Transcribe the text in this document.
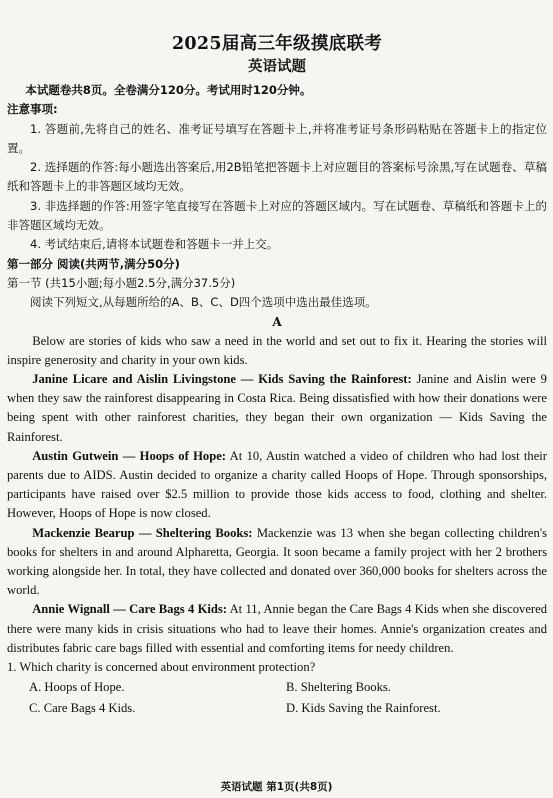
2025届高三年级摸底联考
英语试题

本试题卷共8页。全卷满分120分。考试用时120分钟。

注意事项:

1. 答题前,先将自己的姓名、准考证号填写在答题卡上,并将准考证号条形码粘贴在答题卡上的指定位置。

2. 选择题的作答:每小题选出答案后,用2B铅笔把答题卡上对应题目的答案标号涂黑,写在试题卷、草稿纸和答题卡上的非答题区域均无效。

3. 非选择题的作答:用签字笔直接写在答题卡上对应的答题区域内。写在试题卷、草稿纸和答题卡上的非答题区域均无效。

4. 考试结束后,请将本试题卷和答题卡一并上交。

第一部分 阅读(共两节,满分50分)

第一节 (共15小题;每小题2.5分,满分37.5分)

阅读下列短文,从每题所给的A、B、C、D四个选项中选出最佳选项。

A

Below are stories of kids who saw a need in the world and set out to fix it. Hearing the stories will inspire generosity and charity in your own kids.

Janine Licare and Aislin Livingstone — Kids Saving the Rainforest: Janine and Aislin were 9 when they saw the rainforest disappearing in Costa Rica. Being dissatisfied with how their donations were being spent with other rainforest charities, they began their own organization — Kids Saving the Rainforest.

Austin Gutwein — Hoops of Hope: At 10, Austin watched a video of children who had lost their parents due to AIDS. Austin decided to organize a charity called Hoops of Hope. Through sponsorships, participants have raised over $2.5 million to provide those kids access to food, clothing and shelter. However, Hoops of Hope is now closed.

Mackenzie Bearup — Sheltering Books: Mackenzie was 13 when she began collecting children's books for shelters in and around Alpharetta, Georgia. It soon became a family project with her 2 brothers working alongside her. In total, they have collected and donated over 360,000 books for shelters across the world.

Annie Wignall — Care Bags 4 Kids: At 11, Annie began the Care Bags 4 Kids when she discovered there were many kids in crisis situations who had to leave their homes. Annie's organization creates and distributes fabric care bags filled with essential and comforting items for needy children.

1. Which charity is concerned about environment protection?

A. Hoops of Hope.	B. Sheltering Books.
C. Care Bags 4 Kids.	D. Kids Saving the Rainforest.
英语试题 第1页(共8页)
